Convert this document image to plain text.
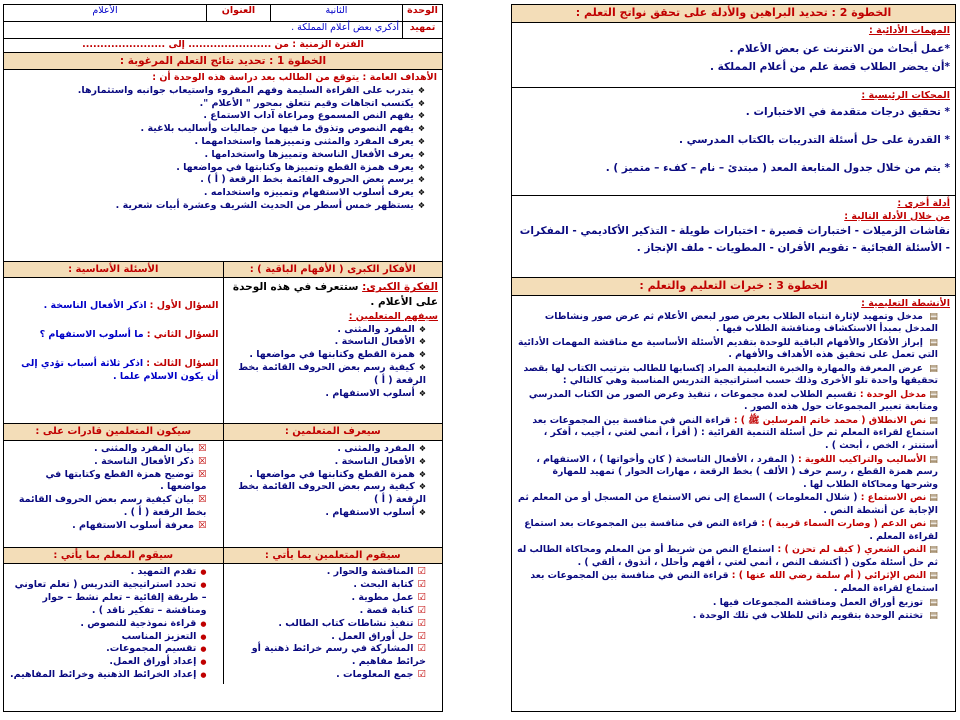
الوحدة
الثانية
العنوان
الأعلام
تمهيد
أذكري بعض أعلام المملكة .
الفترة الزمنية : من ....................... إلى .......................
الخطوة 1 : تحديد نتائج التعلم المرغوبة :
الأهداف العامة : يتوقع من الطالب بعد دراسة هذه الوحدة أن :
❖ يتدرب على القراءة السليمة وفهم المقروء واستيعاب جوانبه واستثمارها.
❖ يكتسب اتجاهات وقيم تتعلق بمحور " الأعلام ".
❖ يفهم النص المسموع ومراعاة آداب الاستماع .
❖ يفهم النصوص وتذوق ما فيها من جماليات وأساليب بلاغية .
❖ يعرف المفرد والمثنى وتمييزهما واستخدامهما .
❖ يعرف الأفعال الناسخة وتمييزها واستخدامها .
❖ يعرف همزة القطع وتمييزها وكتابتها في مواضعها .
❖ يرسم بعض الحروف القائمة بخط الرقعة ( أ ) .
❖ يعرف أسلوب الاستفهام وتمييزه واستخدامه .
❖ يستظهر خمس أسطر من الحديث الشريف وعشرة أبيات شعرية .
الأفكار الكبرى ( الأفهام الباقية ) :
الأسئلة الأساسية :
الفكرة الكبرى: ستتعرف في هذه الوحدة على الأعلام .
سيفهم المتعلمين :
❖ المفرد والمثنى .
❖ الأفعال الناسخة .
❖ همزة القطع وكتابتها في مواضعها .
❖ كيفية رسم بعض الحروف القائمة بخط الرقعة ( أ )
❖ أسلوب الاستفهام .
السؤال الأول : اذكر الأفعال الناسخة .
السؤال الثاني : ما أسلوب الاستفهام ؟
السؤال الثالث : اذكر ثلاثة أسباب تؤدي إلى أن يكون الاسلام علما .
سيعرف المتعلمين :
سيكون المتعلمين قادرات على :
❖ المفرد والمثنى .
❖ الأفعال الناسخة .
❖ همزة القطع وكتابتها في مواضعها .
❖ كيفية رسم بعض الحروف القائمة بخط الرقعة ( أ )
❖ أسلوب الاستفهام .
☒ بيان المفرد والمثنى .
☒ ذكر الأفعال الناسخة .
☒ توضيح همزة القطع وكتابتها في مواضعها .
☒ بيان كيفية رسم بعض الحروف القائمة بخط الرقعة ( أ ) .
☒ معرفة أسلوب الاستفهام .
سيقوم المتعلمين بما يأتي :
سيقوم المعلم بما يأتي :
☑ المناقشة والحوار .
☑ كتابة البحث .
☑ عمل مطوية .
☑ كتابة قصة .
☑ تنفيذ نشاطات كتاب الطالب .
☑ حل أوراق العمل .
☑ المشاركة في رسم خرائط ذهنية أو خرائط مفاهيم .
☑ جمع المعلومات .
● تقدم التمهيد .
● تحدد استراتيجية التدريس ( تعلم تعاوني – طريقة إلقائية – تعلم نشط – حوار ومناقشة – تفكير ناقد ) .
● قراءة نموذجية للنصوص .
● التعزيز المناسب
● تقسيم المجموعات.
● إعداد أوراق العمل.
● إعداد الخرائط الذهنية وخرائط المفاهيم.
الخطوة 2 : تحديد البراهين والأدلة على تحقق نواتج التعلم :
المهمات الأدائية :
*عمل أبحاث من الانترنت عن بعض الأعلام .
*أن يحضر الطلاب قصة علم من أعلام المملكة .
المحكات الرئيسية :
* تحقيق درجات متقدمة في الاختبارات .
* القدرة على حل أسئلة التدريبات بالكتاب المدرسي .
* يتم من خلال جدول المتابعة المعد ( مبتدئ – نام – كفء – متميز ) .
أدلة أخرى :
من خلال الأدلة التالية :
نقاشات الزميلات - اختبارات قصيرة - اختبارات طويلة - التذكير الأكاديمي - المفكرات - الأسئلة الفجائية - تقويم الأقران - المطويات - ملف الإنجاز .
الخطوة 3 : خبرات التعليم والتعلم :
الأنشطة التعليمية :
▤ مدخل وتمهيد لإثارة انتباه الطلاب بعرض صور لبعض الأعلام ثم عرض صور ونشاطات المدخل بمبدأ الاستكشاف ومناقشة الطلاب فيها .
▤ إبراز الأفكار والأفهام الباقية للوحدة بتقديم الأسئلة الأساسية مع مناقشة المهمات الأدائية التي تعمل على تحقيق هذه الأهداف والأفهام .
▤ عرض المعرفة والمهارة والخبرة التعليمية المراد إكسابها للطالب بترتيب الكتاب لها بقصد تحقيقها واحدة تلو الأخرى وذلك حسب استراتيجية التدريس المناسبة وهي كالتالي :
▤ مدخل الوحدة : تقسيم الطلاب لعدة مجموعات ، تنفيذ وعرض الصور من الكتاب المدرسي ومتابعة تعبير المجموعات حول هذه الصور .
▤ نص الانطلاق ( محمد خاتم المرسلين ﷺ ) : قراءة النص في منافسة بين المجموعات بعد استماع لقراءة المعلم ثم حل أسئلة التنمية القرائية : ( أقرأ ، أنمي لغتي ، أجيب ، أفكر ، أستنتر ، الخص ، أبحث ) .
▤ الأساليب والتراكيب اللغوية : ( المفرد ، الأفعال الناسخة ( كان وأخواتها ) ، الاستفهام ، رسم همزة القطع ، رسم حرف ( الألف ) بخط الرقعة ، مهارات الحوار ) تمهيد للمهارة وشرحها ومحاكاة الطلاب لها .
▤ نص الاستماع : ( شلال المعلومات ) السماع إلى نص الاستماع من المسجل أو من المعلم ثم الإجابة عن أنشطة النص .
▤ نص الدعم ( وصارت السماء قريبة ) : قراءة النص في منافسة بين المجموعات بعد استماع لقراءة المعلم .
▤ النص الشعري ( كيف لم تحزن ) : استماع النص من شريط أو من المعلم ومحاكاة الطالب له ثم حل أسئلة مكون ( أكتشف النص ، أنمي لغتي ، أفهم وأحلل ، أتذوق ، ألقي ) .
▤ النص الإثرائي ( أم سلمة رضي الله عنها ) : قراءة النص في منافسة بين المجموعات بعد استماع لقراءة المعلم .
▤ توزيع أوراق العمل ومناقشة المجموعات فيها .
▤ تختتم الوحدة بتقويم ذاتي للطلاب في تلك الوحدة .
